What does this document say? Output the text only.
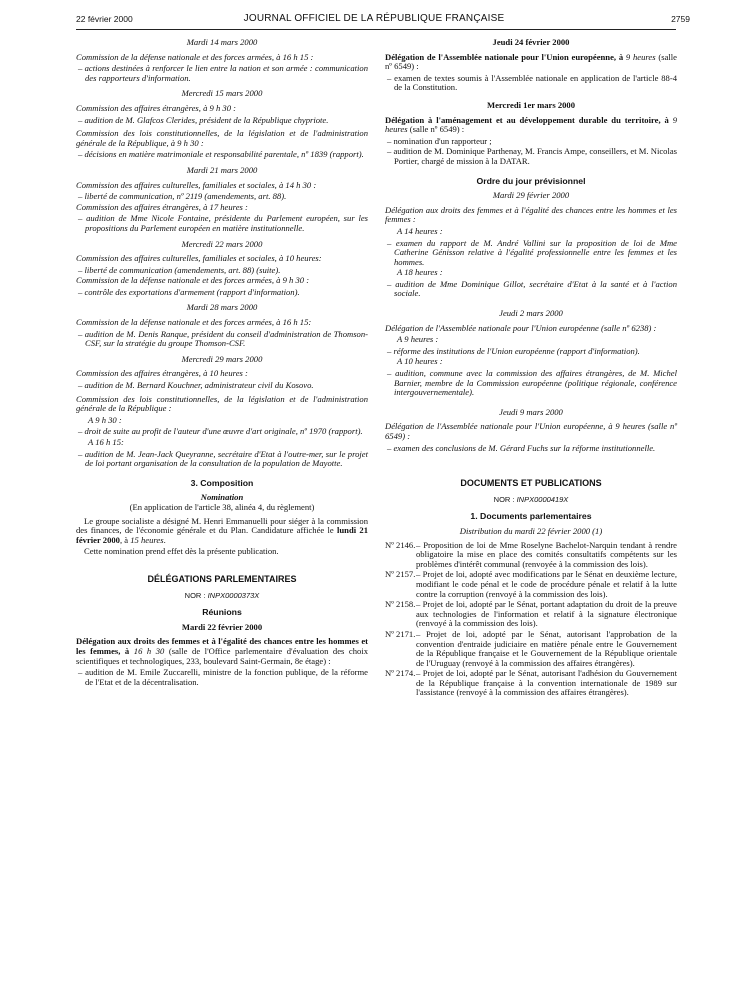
22 février 2000	JOURNAL OFFICIEL DE LA RÉPUBLIQUE FRANÇAISE	2759
Mardi 14 mars 2000

Commission de la défense nationale et des forces armées, à 16 h 15 :

– actions destinées à renforcer le lien entre la nation et son armée : communication des rapporteurs d'information.

Mercredi 15 mars 2000

Commission des affaires étrangères, à 9 h 30 :

– audition de M. Glafcos Clerides, président de la République chypriote.

Commission des lois constitutionnelles, de la législation et de l'administration générale de la République, à 9 h 30 :

– décisions en matière matrimoniale et responsabilité parentale, nº 1839 (rapport).

Mardi 21 mars 2000

Commission des affaires culturelles, familiales et sociales, à 14 h 30 :

– liberté de communication, nº 2119 (amendements, art. 88).

Commission des affaires étrangères, à 17 heures :

– audition de Mme Nicole Fontaine, présidente du Parlement européen, sur les propositions du Parlement européen en matière institutionnelle.

Mercredi 22 mars 2000

Commission des affaires culturelles, familiales et sociales, à 10 heures:

– liberté de communication (amendements, art. 88) (suite).

Commission de la défense nationale et des forces armées, à 9 h 30 :

– contrôle des exportations d'armement (rapport d'information).

Mardi 28 mars 2000

Commission de la défense nationale et des forces armées, à 16 h 15:

– audition de M. Denis Ranque, président du conseil d'administration de Thomson-CSF, sur la stratégie du groupe Thomson-CSF.

Mercredi 29 mars 2000

Commission des affaires étrangères, à 10 heures :

– audition de M. Bernard Kouchner, administrateur civil du Kosovo.

Commission des lois constitutionnelles, de la législation et de l'administration générale de la République :

A 9 h 30 :

– droit de suite au profit de l'auteur d'une œuvre d'art originale, nº 1970 (rapport).

A 16 h 15:

– audition de M. Jean-Jack Queyranne, secrétaire d'Etat à l'outre-mer, sur le projet de loi portant organisation de la consultation de la population de Mayotte.

3. Composition
Nomination
(En application de l'article 38, alinéa 4, du règlement)

Le groupe socialiste a désigné M. Henri Emmanuelli pour siéger à la commission des finances, de l'économie générale et du Plan. Candidature affichée le lundi 21 février 2000, à 15 heures.

Cette nomination prend effet dès la présente publication.

DÉLÉGATIONS PARLEMENTAIRES
NOR : INPX0000373X
Réunions
Mardi 22 février 2000

Délégation aux droits des femmes et à l'égalité des chances entre les hommes et les femmes, à 16 h 30 (salle de l'Office parlementaire d'évaluation des choix scientifiques et technologiques, 233, boulevard Saint-Germain, 8e étage) :

– audition de M. Emile Zuccarelli, ministre de la fonction publique, de la réforme de l'Etat et de la décentralisation.

Jeudi 24 février 2000

Délégation de l'Assemblée nationale pour l'Union européenne, à 9 heures (salle nº 6549) :

– examen de textes soumis à l'Assemblée nationale en application de l'article 88-4 de la Constitution.

Mercredi 1er mars 2000

Délégation à l'aménagement et au développement durable du territoire, à 9 heures (salle nº 6549) :

– nomination d'un rapporteur ;

– audition de M. Dominique Parthenay, M. Francis Ampe, conseillers, et M. Nicolas Portier, chargé de mission à la DATAR.

Ordre du jour prévisionnel
Mardi 29 février 2000

Délégation aux droits des femmes et à l'égalité des chances entre les hommes et les femmes :

A 14 heures :

– examen du rapport de M. André Vallini sur la proposition de loi de Mme Catherine Génisson relative à l'égalité professionnelle entre les femmes et les hommes.

A 18 heures :

– audition de Mme Dominique Gillot, secrétaire d'Etat à la santé et à l'action sociale.

Jeudi 2 mars 2000

Délégation de l'Assemblée nationale pour l'Union européenne (salle nº 6238) :

A 9 heures :

– réforme des institutions de l'Union européenne (rapport d'information).

A 10 heures :

– audition, commune avec la commission des affaires étrangères, de M. Michel Barnier, membre de la Commission européenne (politique régionale, conférence intergouvernementale).

Jeudi 9 mars 2000

Délégation de l'Assemblée nationale pour l'Union européenne, à 9 heures (salle nº 6549) :

– examen des conclusions de M. Gérard Fuchs sur la réforme institutionnelle.

DOCUMENTS ET PUBLICATIONS
NOR : INPX0000419X
1. Documents parlementaires
Distribution du mardi 22 février 2000 (1)
Nº 2146. – Proposition de loi de Mme Roselyne Bachelot-Narquin tendant à rendre obligatoire la mise en place des comités consultatifs compétents sur les problèmes d'intérêt communal (renvoyée à la commission des lois).
Nº 2157. – Projet de loi, adopté avec modifications par le Sénat en deuxième lecture, modifiant le code pénal et le code de procédure pénale et relatif à la lutte contre la corruption (renvoyé à la commission des lois).
Nº 2158. – Projet de loi, adopté par le Sénat, portant adaptation du droit de la preuve aux technologies de l'information et relatif à la signature électronique (renvoyé à la commission des lois).
Nº 2171. – Projet de loi, adopté par le Sénat, autorisant l'approbation de la convention d'entraide judiciaire en matière pénale entre le Gouvernement de la République française et le Gouvernement de la République orientale de l'Uruguay (renvoyé à la commission des affaires étrangères).
Nº 2174. – Projet de loi, adopté par le Sénat, autorisant l'adhésion du Gouvernement de la République française à la convention internationale de 1989 sur l'assistance (renvoyé à la commission des affaires étrangères).
